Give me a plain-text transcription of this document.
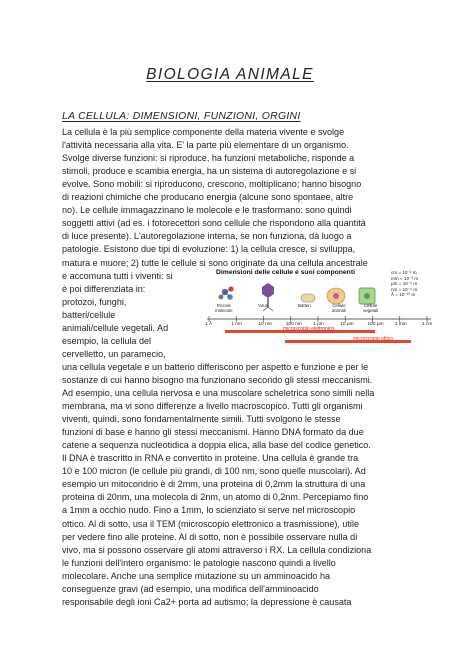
BIOLOGIA ANIMALE
LA CELLULA: DIMENSIONI, FUNZIONI, ORGINI
La cellula è la più semplice componente della materia vivente e svolge
l'attività necessaria alla vita. E' la parte più elementare di un organismo.
Svolge diverse funzioni: si riproduce, ha funzioni metaboliche, risponde a
stimoli, produce e scambia energia, ha un sistema di autoregolazione e si
evolve. Sono mobili: si riproducono, crescono, moltiplicano; hanno bisogno
di reazioni chimiche che producano energia (alcune sono spontaee, altre
no). Le cellule immagazzinano le molecole e le trasformano: sono quindi
soggetti attivi (ad es. i fotorecettori sono cellule che rispondono alla quantità
di luce presente). L'autoregolazione interna, se non funziona, dà luogo a
patologie. Esistono due tipi di evoluzione: 1) la cellula cresce, si sviluppa,
matura e muore; 2) tutte le cellule si sono originate da una cellula ancestrale
e accomuna tutti i viventi: si
è poi differenziata in:
protozoi, funghi,
batteri/cellule
animali/cellule vegetali. Ad
esempio, la cellula del
cervelletto, un paramecio,
una cellula vegetale e un batterio differiscono per aspetto e funzione e per le
sostanze di cui hanno bisogno ma funzionano secondo gli stessi meccanismi.
Ad esempio, una cellula nervosa e una muscolare scheletrica sono simili nella
membrana, ma vi sono differenze a livello macroscopico. Tutti gli organismi
viventi, quindi, sono fondamentalmente simili. Tutti svolgono le stesse
funzioni di base e hanno gli stessi meccanismi. Hanno DNA formato da due
catene a sequenza nucleotidica a doppia elica, alla base del codice genetico.
Il DNA è trascritto in RNA e convertito in proteine. Una cellula è grande tra
10 e 100 micron (le cellule più grandi, di 100 nm, sono quelle muscolari). Ad
esempio un mitocondrio è di 2mm, una proteina di 0,2mm la struttura di una
proteina di 20nm, una molecola di 2nm, un atomo di 0,2nm. Percepiamo fino
a 1mm a occhio nudo. Fino a 1mm, lo scienziato si serve nel microscopio
ottico. Al di sotto, usa il TEM (microscopio elettronico a trasmissione), utile
per vedere fino alle proteine. Al di sotto, non è possibile osservare nulla di
vivo, ma si possono osservare gli atomi attraverso i RX. La cellula condiziona
le funzioni dell'intero organismo: le patologie nascono quindi a livello
molecolare. Anche una semplice mutazione su un amminoacido ha
conseguenze gravi (ad esempio, una modifica dell'amminoacido
responsabile degli ioni Ca2+ porta ad autismo; la depressione è causata
Dimensioni delle cellule e suoi componenti
Piccole
molecole
Virus	Batteri	Cellule
animali
Cellule
vegetali
cm = 10⁻² m
mm = 10⁻³ m
μm = 10⁻⁶ m
nm = 10⁻⁹ m
Å = 10⁻¹⁰ m
1 Å	1 nm	10 nm	100 nm 1 μm	10 μm	100 μm 1 mm	1 cm
microscopio elettronico
microscopio ottico
